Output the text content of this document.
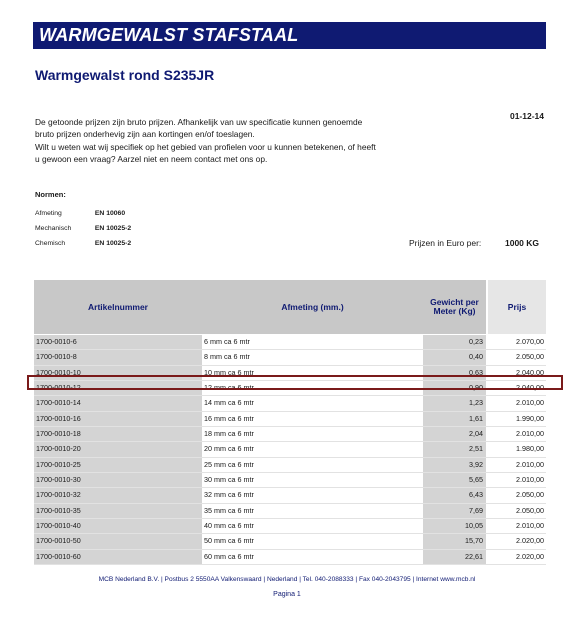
WARMGEWALST STAFSTAAL
Warmgewalst rond S235JR
De getoonde prijzen zijn bruto prijzen. Afhankelijk van uw specificatie kunnen genoemde
bruto prijzen onderhevig zijn aan kortingen en/of toeslagen.
Wilt u weten wat wij specifiek op het gebied van profielen voor u kunnen betekenen, of heeft
u gewoon een vraag? Aarzel niet en neem contact met ons op.
01-12-14
Normen:
Afmeting	EN 10060
Mechanisch	EN 10025-2
Chemisch	EN 10025-2	Prijzen in Euro per:	1000 KG
Artikelnummer	Afmeting (mm.)	Gewicht per Meter (Kg)	Prijs
1700-0010-6	6 mm ca 6 mtr	0,23	2.070,00
1700-0010-8	8 mm ca 6 mtr	0,40	2.050,00
1700-0010-10	10 mm ca 6 mtr	0,63	2.040,00
1700-0010-12	12 mm ca 6 mtr	0,90	2.040,00
1700-0010-14	14 mm ca 6 mtr	1,23	2.010,00
1700-0010-16	16 mm ca 6 mtr	1,61	1.990,00
1700-0010-18	18 mm ca 6 mtr	2,04	2.010,00
1700-0010-20	20 mm ca 6 mtr	2,51	1.980,00
1700-0010-25	25 mm ca 6 mtr	3,92	2.010,00
1700-0010-30	30 mm ca 6 mtr	5,65	2.010,00
1700-0010-32	32 mm ca 6 mtr	6,43	2.050,00
1700-0010-35	35 mm ca 6 mtr	7,69	2.050,00
1700-0010-40	40 mm ca 6 mtr	10,05	2.010,00
1700-0010-50	50 mm ca 6 mtr	15,70	2.020,00
1700-0010-60	60 mm ca 6 mtr	22,61	2.020,00
MCB Nederland B.V. | Postbus 2 5550AA Valkenswaard | Nederland | Tel. 040-2088333 | Fax 040-2043795 | Internet www.mcb.nl
Pagina 1
